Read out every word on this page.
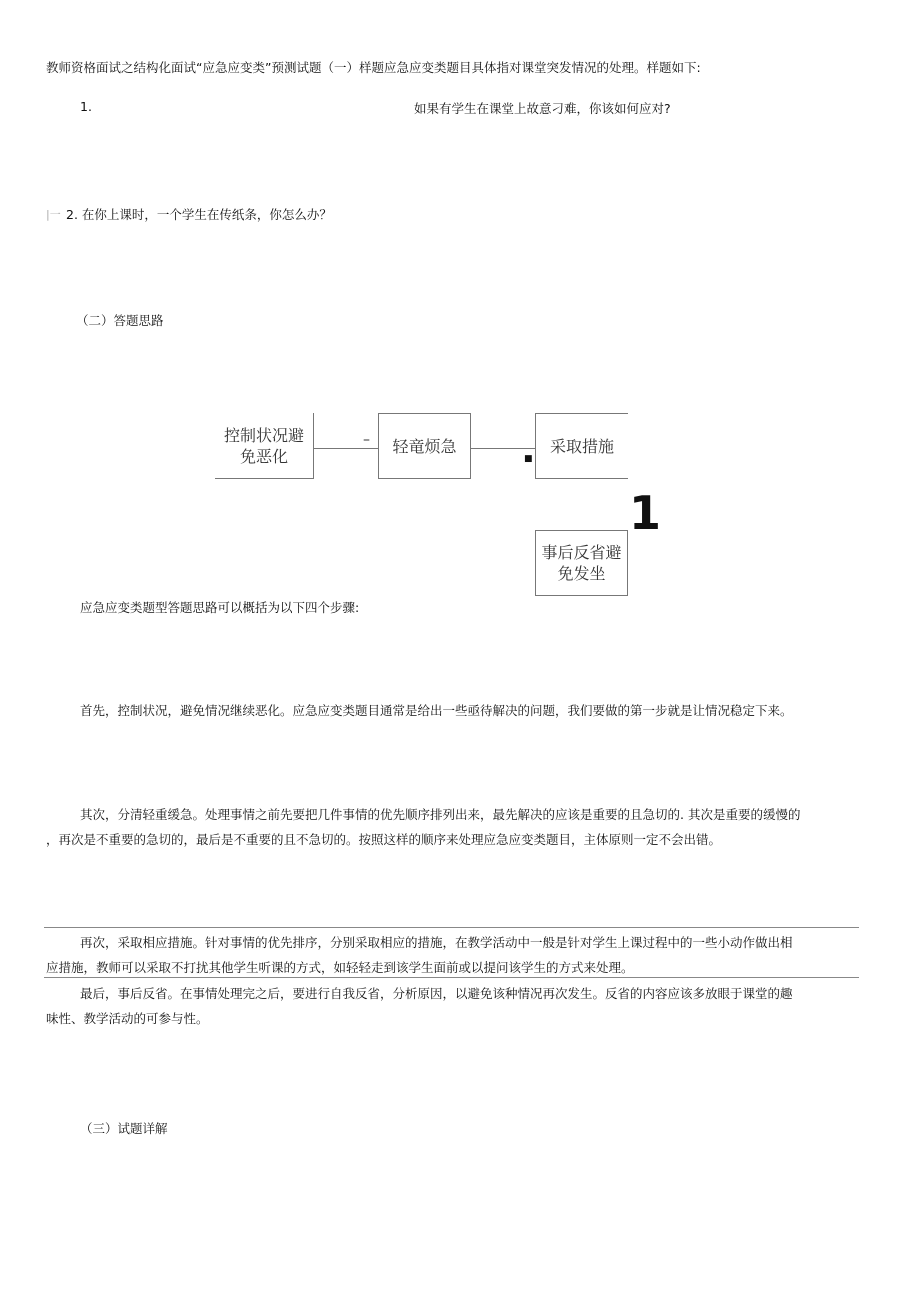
教师资格面试之结构化面试“应急应变类”预测试题（一）样题应急应变类题目具体指对课堂突发情况的处理。样题如下:
1.	如果有学生在课堂上故意刁难，你该如何应对?
|一 2. 在你上课时，一个学生在传纸条，你怎么办？
（二）答题思路
–
■
控制状况避免恶化
轻竜烦急	采取措施
1
事后反省避免发坐
应急应变类题型答题思路可以概括为以下四个步骤:
首先，控制状况，避免情况继续恶化。应急应变类题目通常是给出一些亟待解决的问题，我们要做的第一步就是让情况稳定下来。
其次，分清轻重缓急。处理事情之前先要把几件事情的优先顺序排列出来，最先解决的应该是重要的且急切的. 其次是重要的缓慢的
，再次是不重要的急切的，最后是不重要的且不急切的。按照这样的顺序来处理应急应变类题目，主体原则一定不会出错。
再次，采取相应措施。针对事情的优先排序，分别采取相应的措施，在教学活动中一般是针对学生上课过程中的一些小动作做出相
应措施，教师可以采取不打扰其他学生听课的方式，如轻轻走到该学生面前或以提问该学生的方式来处理。
最后，事后反省。在事情处理完之后，要进行自我反省，分析原因，以避免该种情况再次发生。反省的内容应该多放眼于课堂的趣
味性、教学活动的可参与性。
（三）试题详解
